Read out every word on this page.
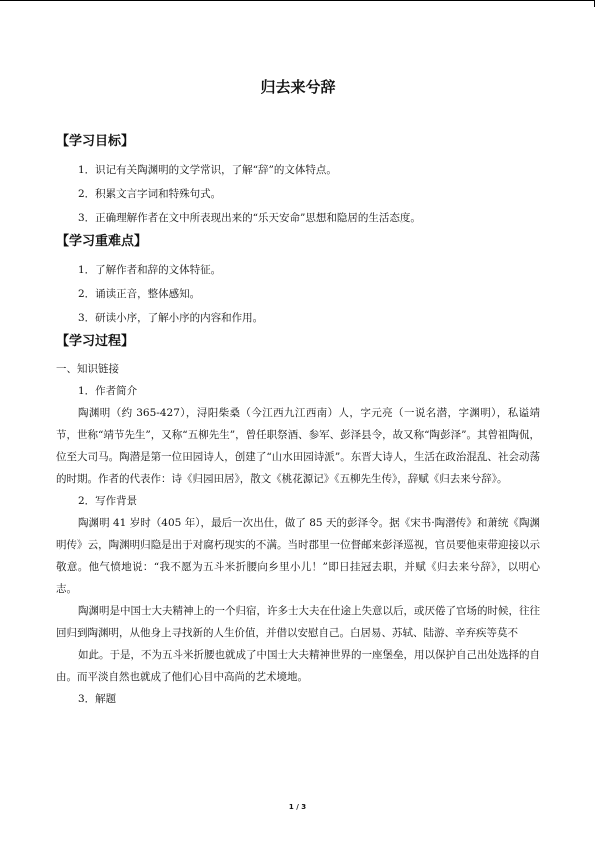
归去来兮辞
【学习目标】
1．识记有关陶渊明的文学常识，了解“辞”的文体特点。
2．积累文言字词和特殊句式。
3．正确理解作者在文中所表现出来的“乐天安命”思想和隐居的生活态度。
【学习重难点】
1．了解作者和辞的文体特征。
2．诵读正音，整体感知。
3．研读小序，了解小序的内容和作用。
【学习过程】

一、知识链接

1．作者简介

陶渊明（约 365-427），浔阳柴桑（今江西九江西南）人，字元亮（一说名潜，字渊明），私谥靖节，世称“靖节先生”，又称“五柳先生”，曾任职祭酒、参军、彭泽县令，故又称“陶彭泽”。其曾祖陶侃，位至大司马。陶潜是第一位田园诗人，创建了“山水田园诗派”。东晋大诗人，生活在政治混乱、社会动荡的时期。作者的代表作：诗《归园田居》，散文《桃花源记》《五柳先生传》，辞赋《归去来兮辞》。

2．写作背景

陶渊明 41 岁时（405 年），最后一次出仕，做了 85 天的彭泽令。据《宋书·陶潜传》和萧统《陶渊明传》云，陶渊明归隐是出于对腐朽现实的不满。当时郡里一位督邮来彭泽巡视，官员要他束带迎接以示敬意。他气愤地说：“我不愿为五斗米折腰向乡里小儿！”即日挂冠去职，并赋《归去来兮辞》，以明心志。

陶渊明是中国士大夫精神上的一个归宿，许多士大夫在仕途上失意以后，或厌倦了官场的时候，往往回归到陶渊明，从他身上寻找新的人生价值，并借以安慰自己。白居易、苏轼、陆游、辛弃疾等莫不

如此。于是，不为五斗米折腰也就成了中国士大夫精神世界的一座堡垒，用以保护自己出处选择的自由。而平淡自然也就成了他们心目中高尚的艺术境地。

3．解题

1 / 3
